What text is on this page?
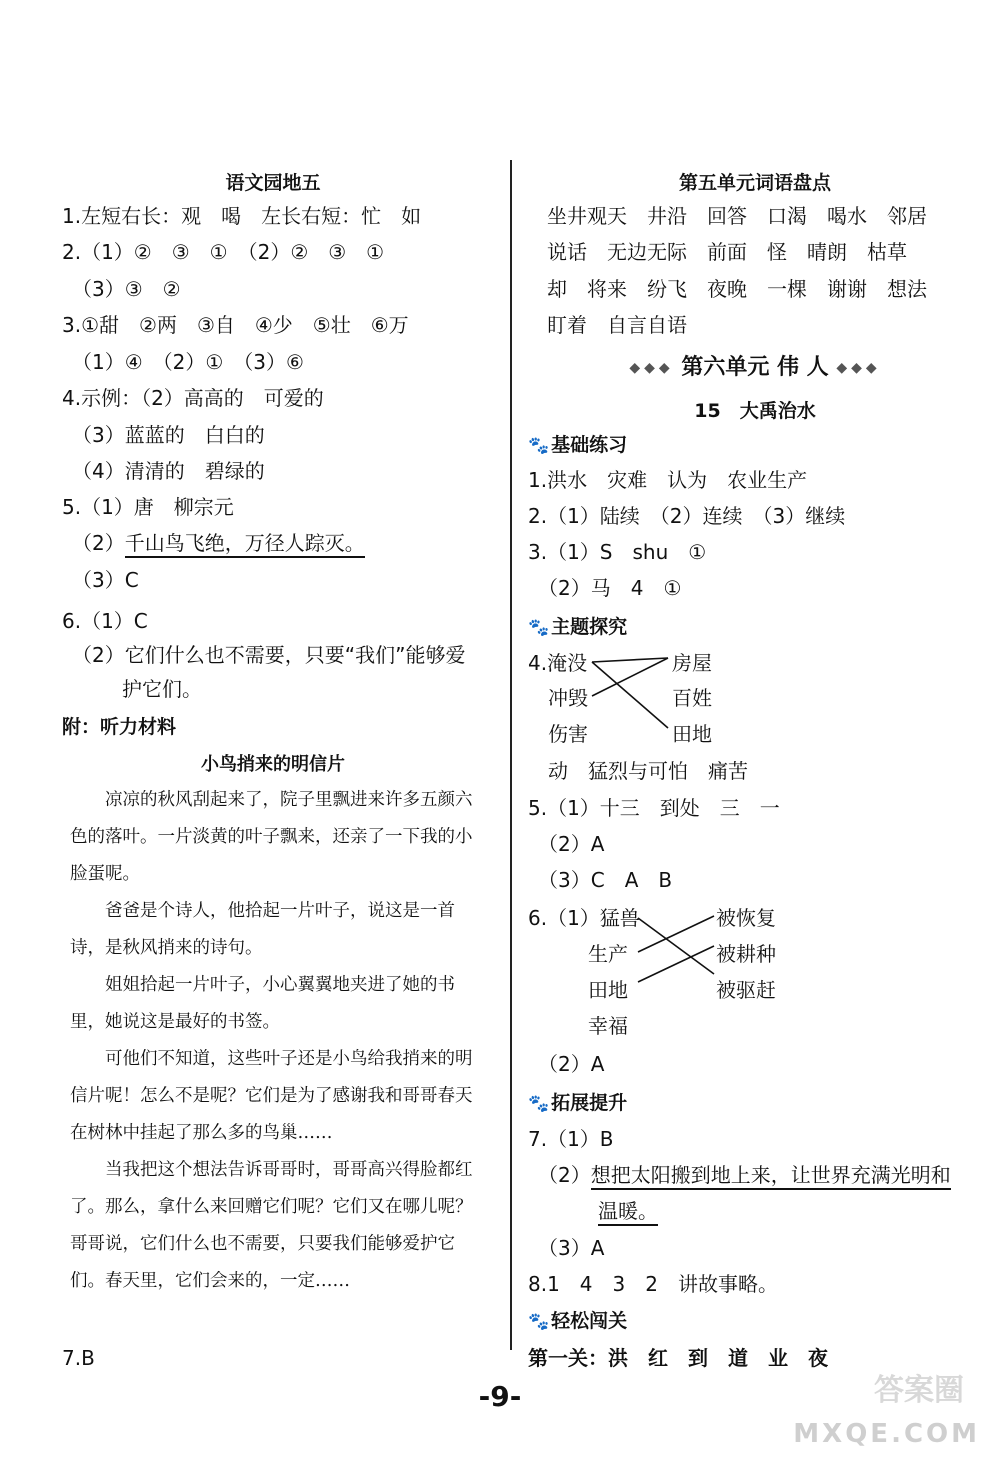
语文园地五
1.左短右长：观　喝　左长右短：忙　如
2.（1）②　③　①　（2）②　③　①
　（3）③　②
3.①甜　②两　③自　④少　⑤壮　⑥万
　（1）④　（2）①　（3）⑥
4.示例：（2）高高的　可爱的
　（3）蓝蓝的　白白的
　（4）清清的　碧绿的
5.（1）唐　柳宗元
　（2）千山鸟飞绝，万径人踪灭。
　（3）C
6.（1）C
　（2）它们什么也不需要，只要“我们”能够爱
　　　护它们。
附：听力材料
小鸟捎来的明信片

凉凉的秋风刮起来了，院子里飘进来许多五颜六色的落叶。一片淡黄的叶子飘来，还亲了一下我的小脸蛋呢。

爸爸是个诗人，他拾起一片叶子，说这是一首诗，是秋风捎来的诗句。

姐姐拾起一片叶子，小心翼翼地夹进了她的书里，她说这是最好的书签。

可他们不知道，这些叶子还是小鸟给我捎来的明信片呢！怎么不是呢？它们是为了感谢我和哥哥春天在树林中挂起了那么多的鸟巢……

当我把这个想法告诉哥哥时，哥哥高兴得脸都红了。那么，拿什么来回赠它们呢？它们又在哪儿呢？哥哥说，它们什么也不需要，只要我们能够爱护它们。春天里，它们会来的，一定……

7.B
第五单元词语盘点
坐井观天　井沿　回答　口渴　喝水　邻居
说话　无边无际　前面　怪　晴朗　枯草
却　将来　纷飞　夜晚　一棵　谢谢　想法
盯着　自言自语
◆◆◆ 第六单元 伟 人 ◆◆◆
15　大禹治水
🐾 基础练习
1.洪水　灾难　认为　农业生产
2.（1）陆续　（2）连续　（3）继续
3.（1）S　shu　①
　（2）马　4　①
🐾 主题探究
4.淹没
　冲毁
　伤害
房屋
百姓
田地
　动　猛烈与可怕　痛苦
5.（1）十三　到处　三　一
　（2）A
　（3）C　A　B
6.（1）猛兽
　　　生产
　　　田地
　　　幸福
被恢复
被耕种
被驱赶
　（2）A
🐾 拓展提升
7.（1）B
　（2）想把太阳搬到地上来，让世界充满光明和
温暖。
　（3）A
8.1　4　3　2　讲故事略。
🐾 轻松闯关
第一关：洪　红　到　道　业　夜
-9-	答案圈
MXQE.COM
